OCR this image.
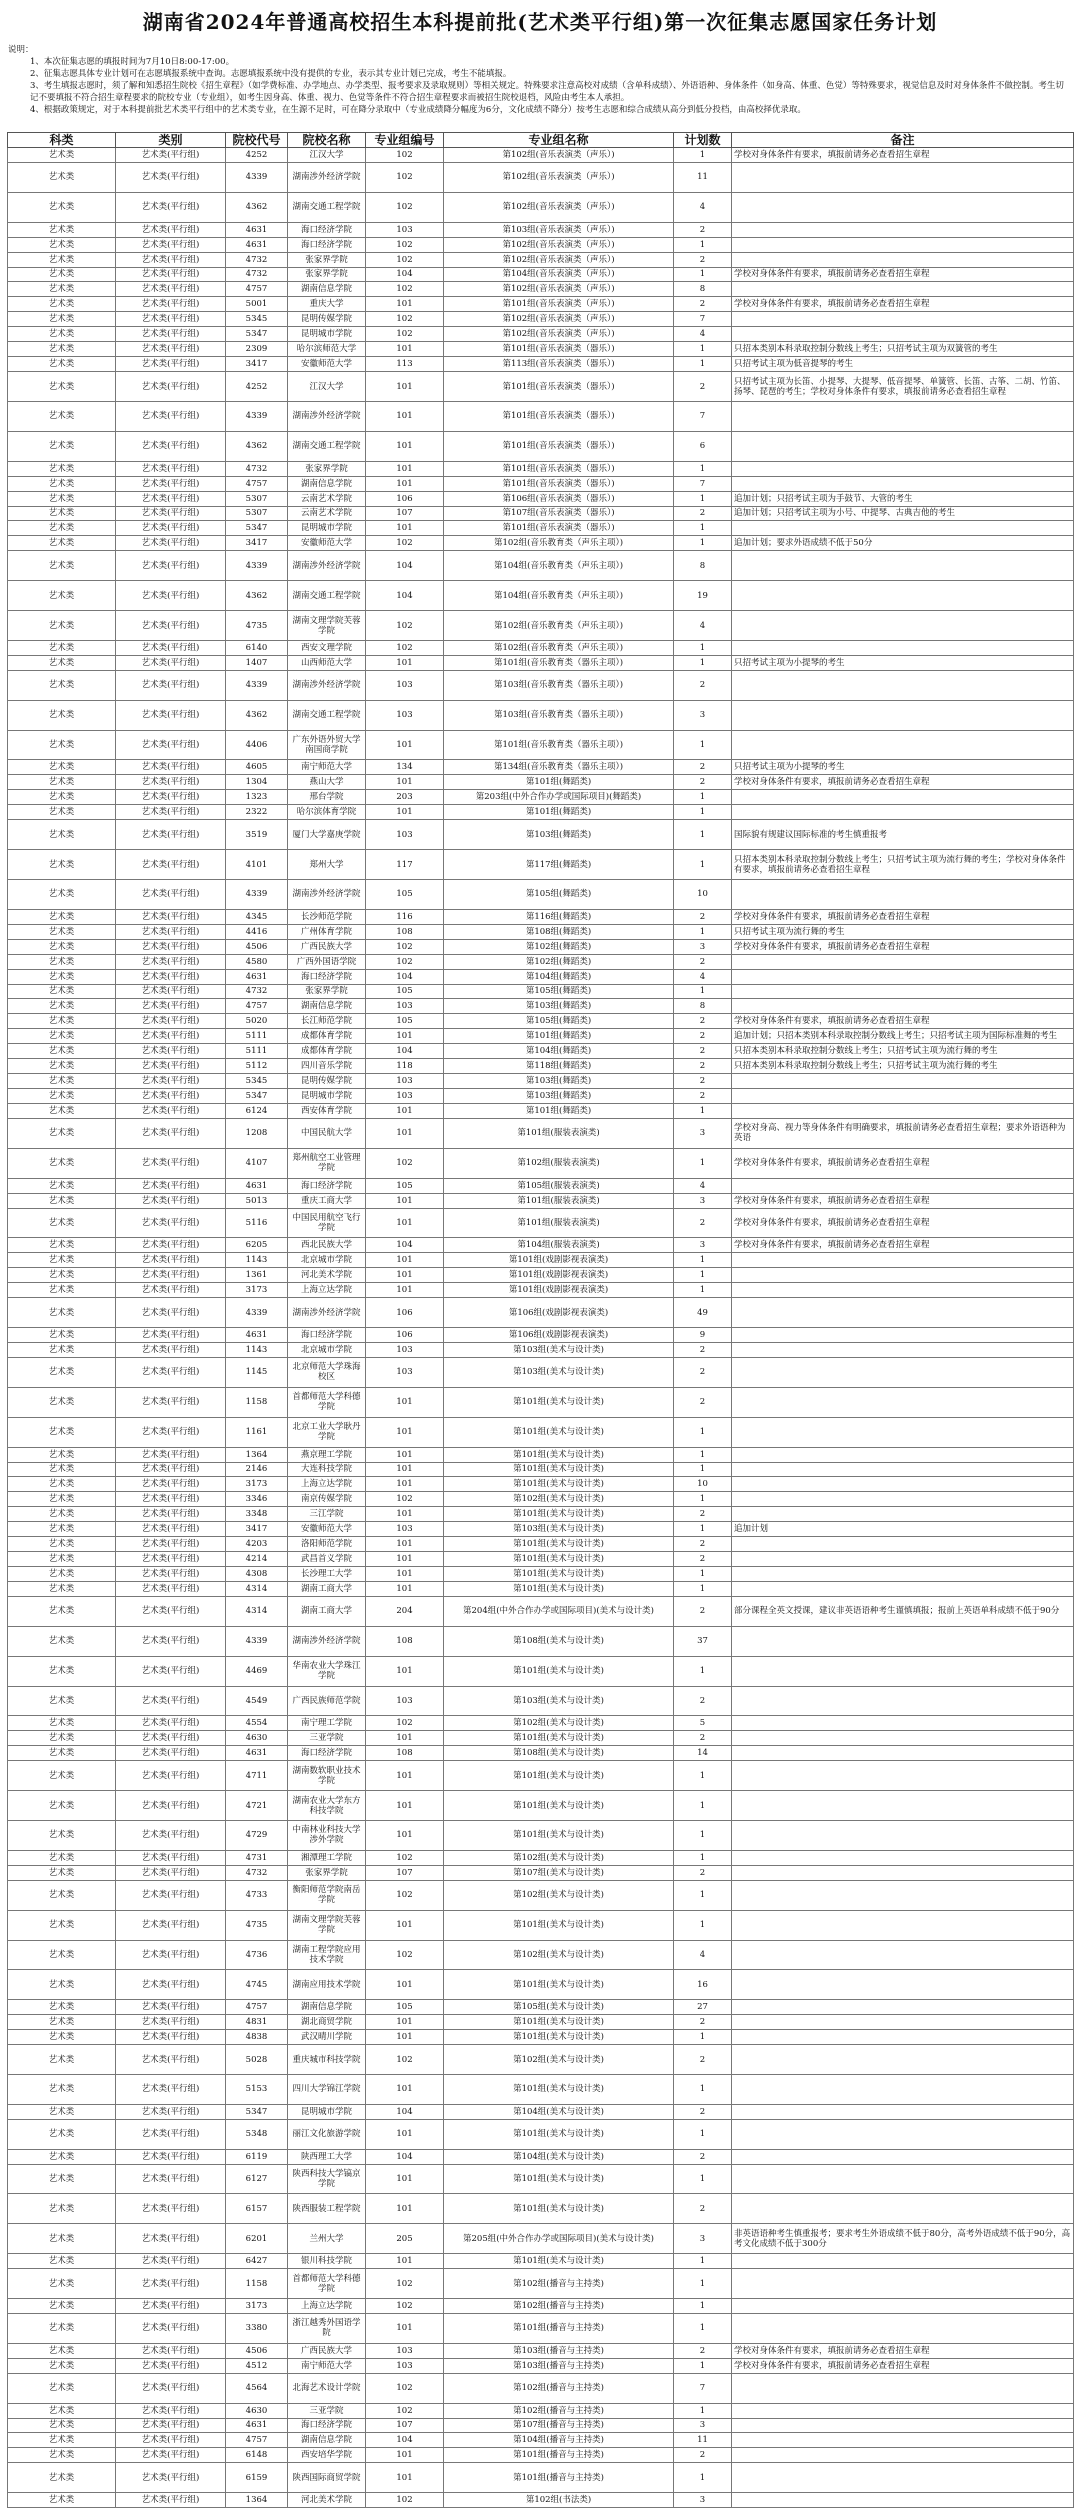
湖南省2024年普通高校招生本科提前批(艺术类平行组)第一次征集志愿国家任务计划
说明：
1、本次征集志愿的填报时间为7月10日8:00-17:00。
2、征集志愿具体专业计划可在志愿填报系统中查询。志愿填报系统中没有提供的专业，表示其专业计划已完成，考生不能填报。
3、考生填报志愿时，须了解和知悉招生院校《招生章程》（如学费标准、办学地点、办学类型、报考要求及录取规则）等相关规定。特殊要求注意高校对成绩（含单科成绩）、外语语种、身体条件（如身高、体重、色觉）等特殊要求，视觉信息及时对身体条件不做控制。考生切记不要填报不符合招生章程要求的院校专业（专业组），如考生因身高、体重、视力、色觉等条件不符合招生章程要求而被招生院校退档，风险由考生本人承担。
4、根据政策规定，对于本科提前批艺术类平行组中的艺术类专业，在生源不足时，可在降分录取中（专业成绩降分幅度为6分，文化成绩不降分）按考生志愿和综合成绩从高分到低分投档，由高校择优录取。
科类	类别	院校代号	院校名称	专业组编号	专业组名称	计划数	备注
艺术类	艺术类(平行组)	4252	江汉大学	102	第102组(音乐表演类（声乐）)	1	学校对身体条件有要求，填报前请务必查看招生章程
艺术类	艺术类(平行组)	4339	湖南涉外经济学院	102	第102组(音乐表演类（声乐）)	11	
艺术类	艺术类(平行组)	4362	湖南交通工程学院	102	第102组(音乐表演类（声乐）)	4	
艺术类	艺术类(平行组)	4631	海口经济学院	103	第103组(音乐表演类（声乐）)	2	
艺术类	艺术类(平行组)	4631	海口经济学院	102	第102组(音乐表演类（声乐）)	1	
艺术类	艺术类(平行组)	4732	张家界学院	102	第102组(音乐表演类（声乐）)	2	
艺术类	艺术类(平行组)	4732	张家界学院	104	第104组(音乐表演类（声乐）)	1	学校对身体条件有要求，填报前请务必查看招生章程
艺术类	艺术类(平行组)	4757	湖南信息学院	102	第102组(音乐表演类（声乐）)	8	
艺术类	艺术类(平行组)	5001	重庆大学	101	第101组(音乐表演类（声乐）)	2	学校对身体条件有要求，填报前请务必查看招生章程
艺术类	艺术类(平行组)	5345	昆明传媒学院	102	第102组(音乐表演类（声乐）)	7	
艺术类	艺术类(平行组)	5347	昆明城市学院	102	第102组(音乐表演类（声乐）)	4	
艺术类	艺术类(平行组)	2309	哈尔滨师范大学	101	第101组(音乐表演类（器乐）)	1	只招本类别本科录取控制分数线上考生；只招考试主项为双簧管的考生
艺术类	艺术类(平行组)	3417	安徽师范大学	113	第113组(音乐表演类（器乐）)	1	只招考试主项为低音提琴的考生
艺术类	艺术类(平行组)	4252	江汉大学	101	第101组(音乐表演类（器乐）)	2	只招考试主项为长笛、小提琴、大提琴、低音提琴、单簧管、长笛、古筝、二胡、竹笛、扬琴、琵琶的考生；学校对身体条件有要求，填报前请务必查看招生章程
艺术类	艺术类(平行组)	4339	湖南涉外经济学院	101	第101组(音乐表演类（器乐）)	7	
艺术类	艺术类(平行组)	4362	湖南交通工程学院	101	第101组(音乐表演类（器乐）)	6	
艺术类	艺术类(平行组)	4732	张家界学院	101	第101组(音乐表演类（器乐）)	1	
艺术类	艺术类(平行组)	4757	湖南信息学院	101	第101组(音乐表演类（器乐）)	7	
艺术类	艺术类(平行组)	5307	云南艺术学院	106	第106组(音乐表演类（器乐）)	1	追加计划；只招考试主项为手鼓节、大管的考生
艺术类	艺术类(平行组)	5307	云南艺术学院	107	第107组(音乐表演类（器乐）)	2	追加计划；只招考试主项为小号、中提琴、古典吉他的考生
艺术类	艺术类(平行组)	5347	昆明城市学院	101	第101组(音乐表演类（器乐）)	1	
艺术类	艺术类(平行组)	3417	安徽师范大学	102	第102组(音乐教育类（声乐主项）)	1	追加计划；要求外语成绩不低于50分
艺术类	艺术类(平行组)	4339	湖南涉外经济学院	104	第104组(音乐教育类（声乐主项）)	8	
艺术类	艺术类(平行组)	4362	湖南交通工程学院	104	第104组(音乐教育类（声乐主项）)	19	
艺术类	艺术类(平行组)	4735	湖南文理学院芙蓉学院	102	第102组(音乐教育类（声乐主项）)	4	
艺术类	艺术类(平行组)	6140	西安文理学院	102	第102组(音乐教育类（声乐主项）)	1	
艺术类	艺术类(平行组)	1407	山西师范大学	101	第101组(音乐教育类（器乐主项）)	1	只招考试主项为小提琴的考生
艺术类	艺术类(平行组)	4339	湖南涉外经济学院	103	第103组(音乐教育类（器乐主项）)	2	
艺术类	艺术类(平行组)	4362	湖南交通工程学院	103	第103组(音乐教育类（器乐主项）)	3	
艺术类	艺术类(平行组)	4406	广东外语外贸大学南国商学院	101	第101组(音乐教育类（器乐主项）)	1	
艺术类	艺术类(平行组)	4605	南宁师范大学	134	第134组(音乐教育类（器乐主项）)	2	只招考试主项为小提琴的考生
艺术类	艺术类(平行组)	1304	燕山大学	101	第101组(舞蹈类)	2	学校对身体条件有要求，填报前请务必查看招生章程
艺术类	艺术类(平行组)	1323	邢台学院	203	第203组(中外合作办学或国际项目)(舞蹈类)	1	
艺术类	艺术类(平行组)	2322	哈尔滨体育学院	101	第101组(舞蹈类)	1	
艺术类	艺术类(平行组)	3519	厦门大学嘉庚学院	103	第103组(舞蹈类)	1	国际貌有规建议国际标准的考生慎重报考
艺术类	艺术类(平行组)	4101	郑州大学	117	第117组(舞蹈类)	1	只招本类别本科录取控制分数线上考生；只招考试主项为流行舞的考生；学校对身体条件有要求，填报前请务必查看招生章程
艺术类	艺术类(平行组)	4339	湖南涉外经济学院	105	第105组(舞蹈类)	10	
艺术类	艺术类(平行组)	4345	长沙师范学院	116	第116组(舞蹈类)	2	学校对身体条件有要求，填报前请务必查看招生章程
艺术类	艺术类(平行组)	4416	广州体育学院	108	第108组(舞蹈类)	1	只招考试主项为流行舞的考生
艺术类	艺术类(平行组)	4506	广西民族大学	102	第102组(舞蹈类)	3	学校对身体条件有要求，填报前请务必查看招生章程
艺术类	艺术类(平行组)	4580	广西外国语学院	102	第102组(舞蹈类)	2	
艺术类	艺术类(平行组)	4631	海口经济学院	104	第104组(舞蹈类)	4	
艺术类	艺术类(平行组)	4732	张家界学院	105	第105组(舞蹈类)	1	
艺术类	艺术类(平行组)	4757	湖南信息学院	103	第103组(舞蹈类)	8	
艺术类	艺术类(平行组)	5020	长江师范学院	105	第105组(舞蹈类)	2	学校对身体条件有要求，填报前请务必查看招生章程
艺术类	艺术类(平行组)	5111	成都体育学院	101	第101组(舞蹈类)	2	追加计划；只招本类别本科录取控制分数线上考生；只招考试主项为国际标准舞的考生
艺术类	艺术类(平行组)	5111	成都体育学院	104	第104组(舞蹈类)	2	只招本类别本科录取控制分数线上考生；只招考试主项为流行舞的考生
艺术类	艺术类(平行组)	5112	四川音乐学院	118	第118组(舞蹈类)	2	只招本类别本科录取控制分数线上考生；只招考试主项为流行舞的考生
艺术类	艺术类(平行组)	5345	昆明传媒学院	103	第103组(舞蹈类)	2	
艺术类	艺术类(平行组)	5347	昆明城市学院	103	第103组(舞蹈类)	2	
艺术类	艺术类(平行组)	6124	西安体育学院	101	第101组(舞蹈类)	1	
艺术类	艺术类(平行组)	1208	中国民航大学	101	第101组(服装表演类)	3	学校对身高、视力等身体条件有明确要求，填报前请务必查看招生章程；要求外语语种为英语
艺术类	艺术类(平行组)	4107	郑州航空工业管理学院	102	第102组(服装表演类)	1	学校对身体条件有要求，填报前请务必查看招生章程
艺术类	艺术类(平行组)	4631	海口经济学院	105	第105组(服装表演类)	4	
艺术类	艺术类(平行组)	5013	重庆工商大学	101	第101组(服装表演类)	3	学校对身体条件有要求，填报前请务必查看招生章程
艺术类	艺术类(平行组)	5116	中国民用航空飞行学院	101	第101组(服装表演类)	2	学校对身体条件有要求，填报前请务必查看招生章程
艺术类	艺术类(平行组)	6205	西北民族大学	104	第104组(服装表演类)	3	学校对身体条件有要求，填报前请务必查看招生章程
艺术类	艺术类(平行组)	1143	北京城市学院	101	第101组(戏剧影视表演类)	1	
艺术类	艺术类(平行组)	1361	河北美术学院	101	第101组(戏剧影视表演类)	1	
艺术类	艺术类(平行组)	3173	上海立达学院	101	第101组(戏剧影视表演类)	1	
艺术类	艺术类(平行组)	4339	湖南涉外经济学院	106	第106组(戏剧影视表演类)	49	
艺术类	艺术类(平行组)	4631	海口经济学院	106	第106组(戏剧影视表演类)	9	
艺术类	艺术类(平行组)	1143	北京城市学院	103	第103组(美术与设计类)	2	
艺术类	艺术类(平行组)	1145	北京师范大学珠海校区	103	第103组(美术与设计类)	2	
艺术类	艺术类(平行组)	1158	首都师范大学科德学院	101	第101组(美术与设计类)	2	
艺术类	艺术类(平行组)	1161	北京工业大学耿丹学院	101	第101组(美术与设计类)	1	
艺术类	艺术类(平行组)	1364	燕京理工学院	101	第101组(美术与设计类)	1	
艺术类	艺术类(平行组)	2146	大连科技学院	101	第101组(美术与设计类)	1	
艺术类	艺术类(平行组)	3173	上海立达学院	101	第101组(美术与设计类)	10	
艺术类	艺术类(平行组)	3346	南京传媒学院	102	第102组(美术与设计类)	1	
艺术类	艺术类(平行组)	3348	三江学院	101	第101组(美术与设计类)	2	
艺术类	艺术类(平行组)	3417	安徽师范大学	103	第103组(美术与设计类)	1	追加计划
艺术类	艺术类(平行组)	4203	洛阳师范学院	101	第101组(美术与设计类)	2	
艺术类	艺术类(平行组)	4214	武昌首义学院	101	第101组(美术与设计类)	2	
艺术类	艺术类(平行组)	4308	长沙理工大学	101	第101组(美术与设计类)	1	
艺术类	艺术类(平行组)	4314	湖南工商大学	101	第101组(美术与设计类)	1	
艺术类	艺术类(平行组)	4314	湖南工商大学	204	第204组(中外合作办学或国际项目)(美术与设计类)	2	部分课程全英文授课，建议非英语语种考生谨慎填报；报前上英语单科成绩不低于90分
艺术类	艺术类(平行组)	4339	湖南涉外经济学院	108	第108组(美术与设计类)	37	
艺术类	艺术类(平行组)	4469	华南农业大学珠江学院	101	第101组(美术与设计类)	1	
艺术类	艺术类(平行组)	4549	广西民族师范学院	103	第103组(美术与设计类)	2	
艺术类	艺术类(平行组)	4554	南宁理工学院	102	第102组(美术与设计类)	5	
艺术类	艺术类(平行组)	4630	三亚学院	101	第101组(美术与设计类)	2	
艺术类	艺术类(平行组)	4631	海口经济学院	108	第108组(美术与设计类)	14	
艺术类	艺术类(平行组)	4711	湖南数软职业技术学院	101	第101组(美术与设计类)	1	
艺术类	艺术类(平行组)	4721	湖南农业大学东方科技学院	101	第101组(美术与设计类)	1	
艺术类	艺术类(平行组)	4729	中南林业科技大学涉外学院	101	第101组(美术与设计类)	1	
艺术类	艺术类(平行组)	4731	湘潭理工学院	102	第102组(美术与设计类)	1	
艺术类	艺术类(平行组)	4732	张家界学院	107	第107组(美术与设计类)	2	
艺术类	艺术类(平行组)	4733	衡阳师范学院南岳学院	102	第102组(美术与设计类)	1	
艺术类	艺术类(平行组)	4735	湖南文理学院芙蓉学院	101	第101组(美术与设计类)	1	
艺术类	艺术类(平行组)	4736	湖南工程学院应用技术学院	102	第102组(美术与设计类)	4	
艺术类	艺术类(平行组)	4745	湖南应用技术学院	101	第101组(美术与设计类)	16	
艺术类	艺术类(平行组)	4757	湖南信息学院	105	第105组(美术与设计类)	27	
艺术类	艺术类(平行组)	4831	湖北商贸学院	101	第101组(美术与设计类)	2	
艺术类	艺术类(平行组)	4838	武汉晴川学院	101	第101组(美术与设计类)	1	
艺术类	艺术类(平行组)	5028	重庆城市科技学院	102	第102组(美术与设计类)	2	
艺术类	艺术类(平行组)	5153	四川大学锦江学院	101	第101组(美术与设计类)	1	
艺术类	艺术类(平行组)	5347	昆明城市学院	104	第104组(美术与设计类)	2	
艺术类	艺术类(平行组)	5348	丽江文化旅游学院	101	第101组(美术与设计类)	1	
艺术类	艺术类(平行组)	6119	陕西理工大学	104	第104组(美术与设计类)	2	
艺术类	艺术类(平行组)	6127	陕西科技大学镐京学院	101	第101组(美术与设计类)	1	
艺术类	艺术类(平行组)	6157	陕西服装工程学院	101	第101组(美术与设计类)	2	
艺术类	艺术类(平行组)	6201	兰州大学	205	第205组(中外合作办学或国际项目)(美术与设计类)	3	非英语语种考生慎重报考；要求考生外语成绩不低于80分，高考外语成绩不低于90分，高考文化成绩不低于300分
艺术类	艺术类(平行组)	6427	银川科技学院	101	第101组(美术与设计类)	1	
艺术类	艺术类(平行组)	1158	首都师范大学科德学院	102	第102组(播音与主持类)	1	
艺术类	艺术类(平行组)	3173	上海立达学院	102	第102组(播音与主持类)	1	
艺术类	艺术类(平行组)	3380	浙江越秀外国语学院	101	第101组(播音与主持类)	1	
艺术类	艺术类(平行组)	4506	广西民族大学	103	第103组(播音与主持类)	2	学校对身体条件有要求，填报前请务必查看招生章程
艺术类	艺术类(平行组)	4512	南宁师范大学	103	第103组(播音与主持类)	1	学校对身体条件有要求，填报前请务必查看招生章程
艺术类	艺术类(平行组)	4564	北海艺术设计学院	102	第102组(播音与主持类)	7	
艺术类	艺术类(平行组)	4630	三亚学院	102	第102组(播音与主持类)	1	
艺术类	艺术类(平行组)	4631	海口经济学院	107	第107组(播音与主持类)	3	
艺术类	艺术类(平行组)	4757	湖南信息学院	104	第104组(播音与主持类)	11	
艺术类	艺术类(平行组)	6148	西安培华学院	101	第101组(播音与主持类)	2	
艺术类	艺术类(平行组)	6159	陕西国际商贸学院	101	第101组(播音与主持类)	1	
艺术类	艺术类(平行组)	1364	河北美术学院	102	第102组(书法类)	3	
